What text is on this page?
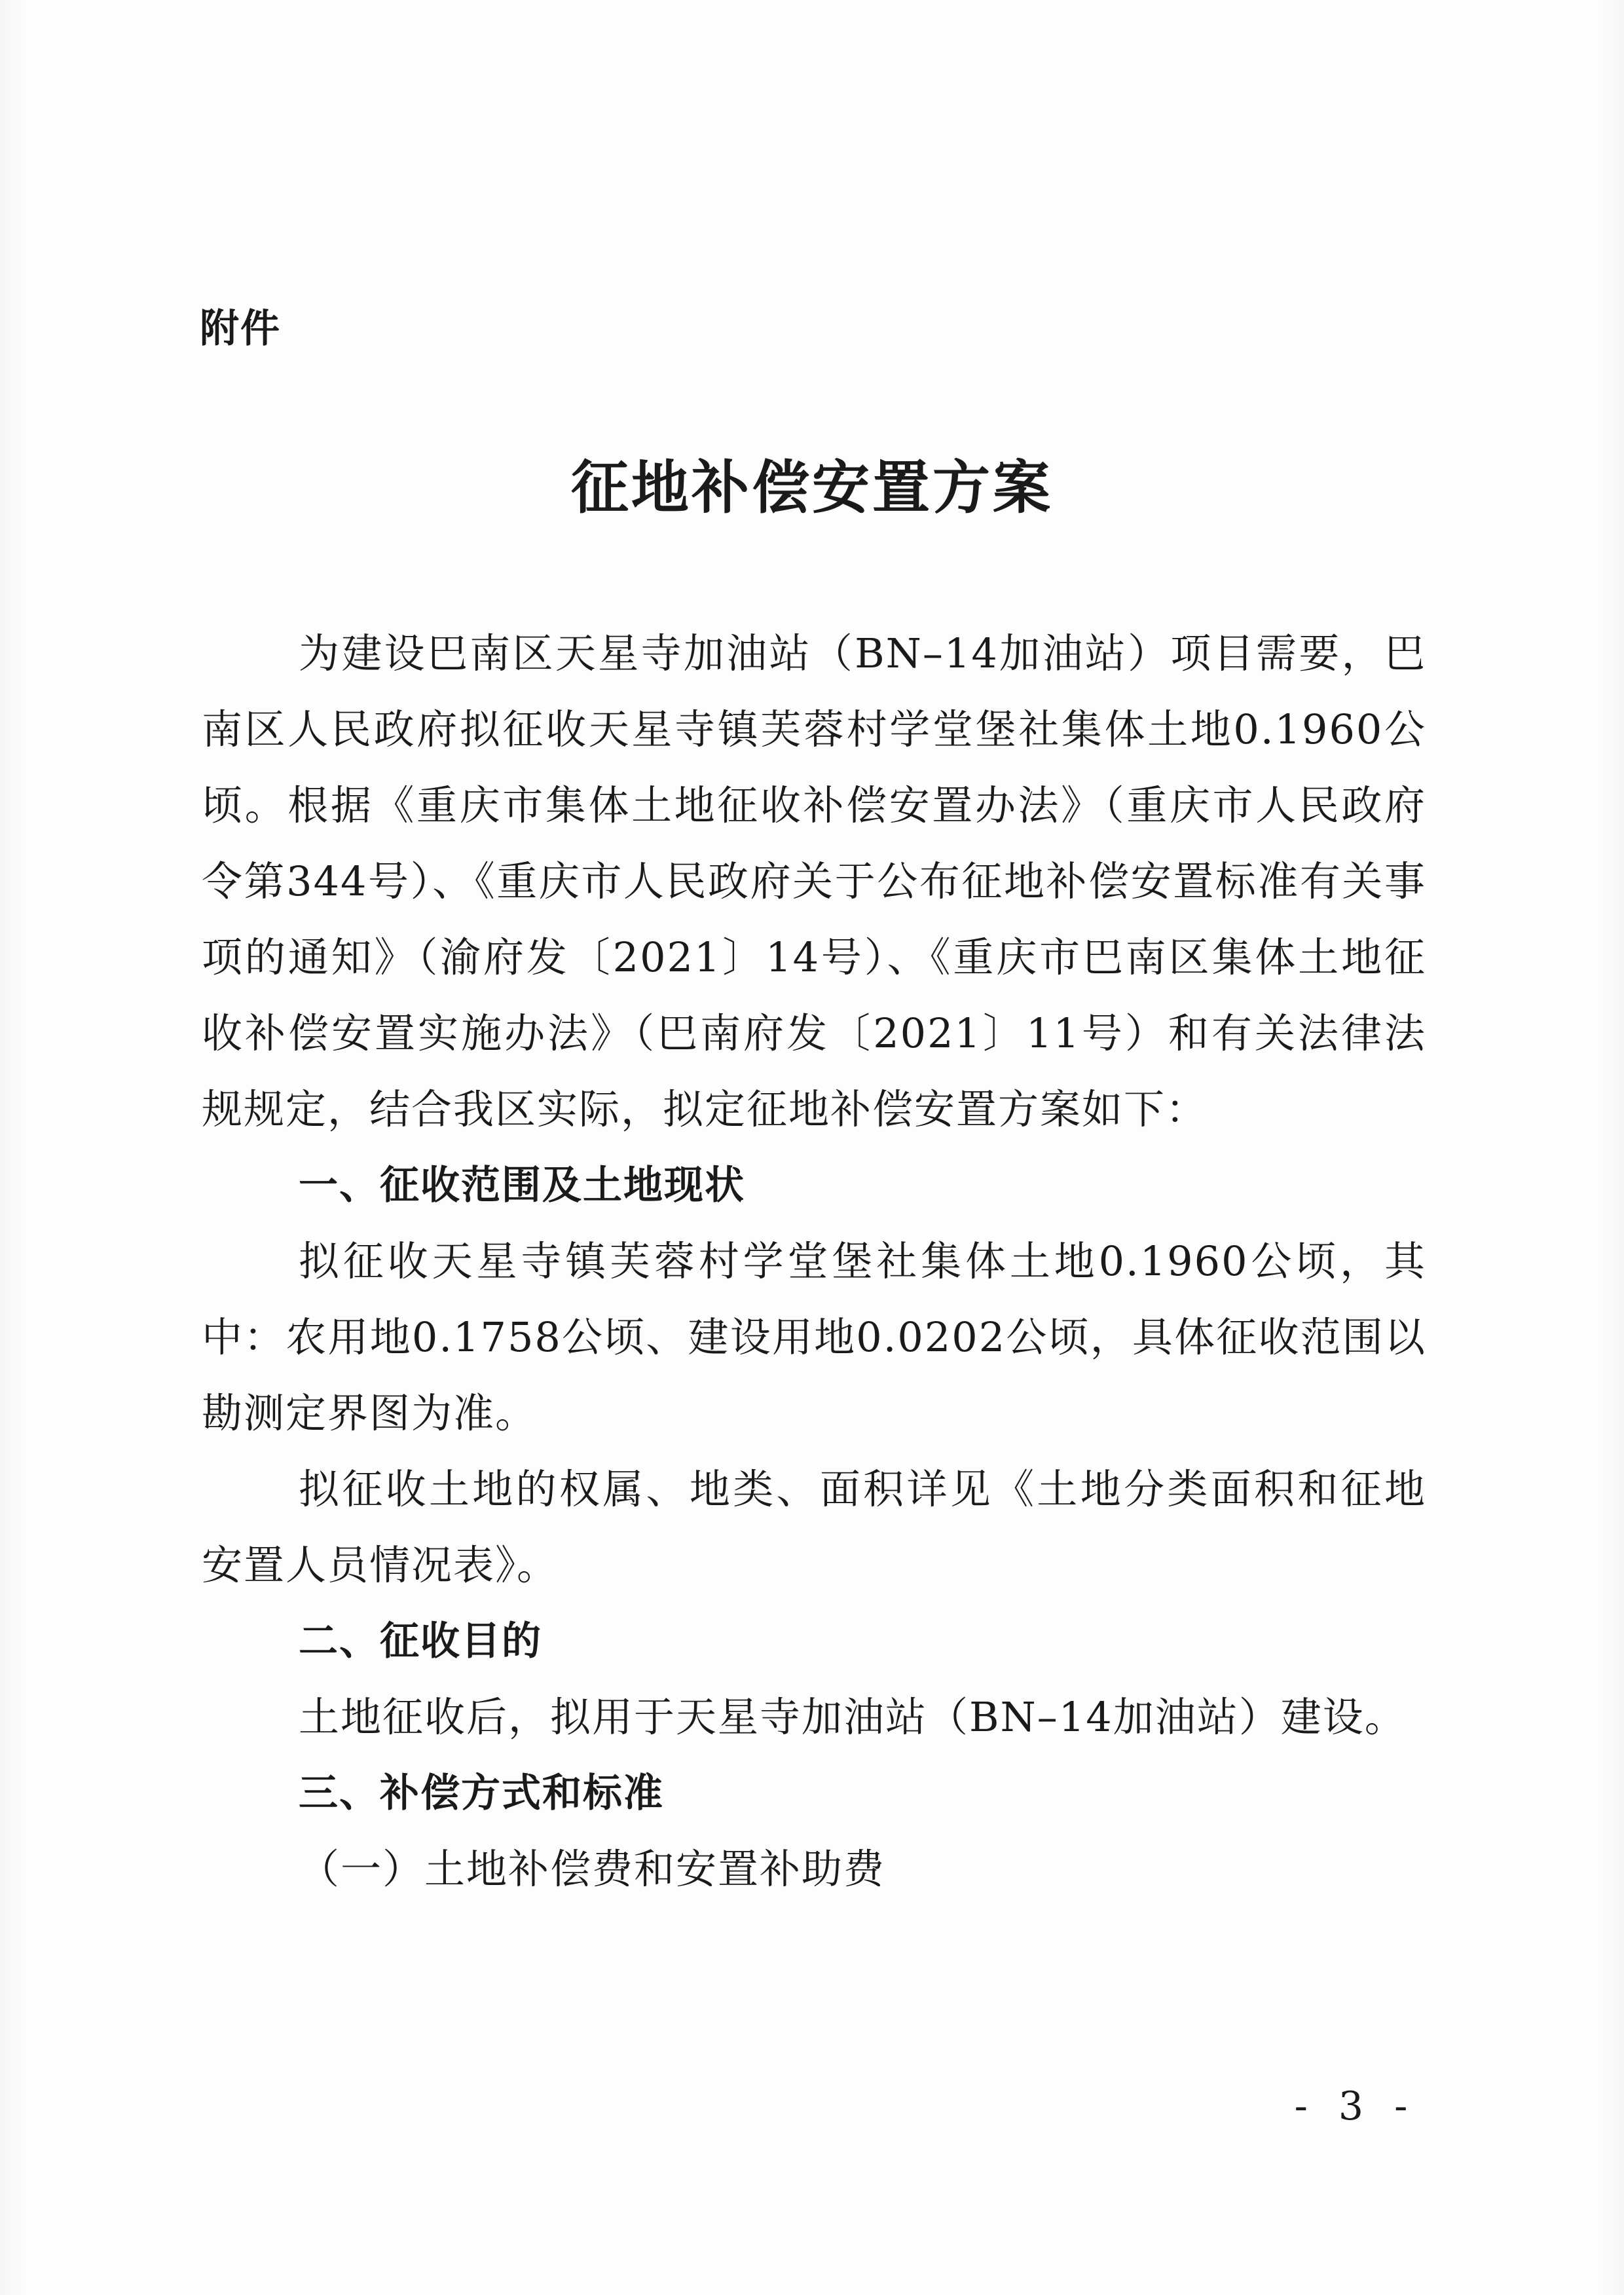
附件
征地补偿安置方案

为建设巴南区天星寺加油站（BN–14加油站）项目需要，巴南区人民政府拟征收天星寺镇芙蓉村学堂堡社集体土地0.1960公顷。根据《重庆市集体土地征收补偿安置办法》（重庆市人民政府令第344号）、《重庆市人民政府关于公布征地补偿安置标准有关事项的通知》（渝府发〔2021〕14号）、《重庆市巴南区集体土地征收补偿安置实施办法》（巴南府发〔2021〕11号）和有关法律法规规定，结合我区实际，拟定征地补偿安置方案如下：

一、征收范围及土地现状

拟征收天星寺镇芙蓉村学堂堡社集体土地0.1960公顷，其中：农用地0.1758公顷、建设用地0.0202公顷，具体征收范围以勘测定界图为准。

拟征收土地的权属、地类、面积详见《土地分类面积和征地安置人员情况表》。

二、征收目的

土地征收后，拟用于天星寺加油站（BN–14加油站）建设。

三、补偿方式和标准

（一）土地补偿费和安置补助费

- 3 -
